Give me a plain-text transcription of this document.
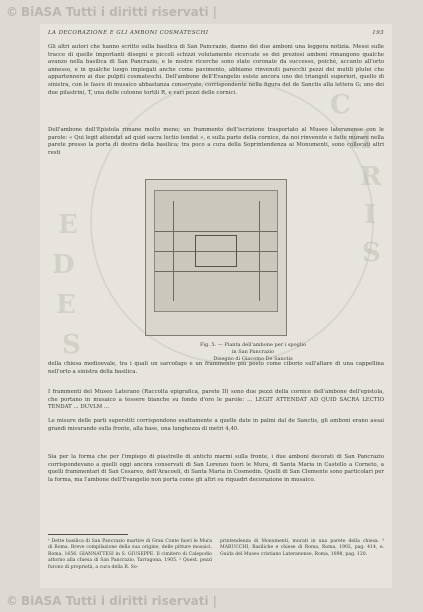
© BiASA Tutti i diritti riservati |
LA DECORAZIONE E GLI AMBONI COSMATESCHI	193
Gli altri autori che hanno scritto sulla basilica di San Pancrazio, danno dei due amboni una leggera notizia. Messi sulle tracce di quelle importanti disegni e piccoli schizzi volutamente ricercate se dei preziosi amboni rimangono qualche avanzo nella basilica di San Pancrazio, e le nostre ricerche sono state coronate da successo, poichè, accanto all'orto annesso, e in qualche luogo impiegati anche come pavimento, abbiamo rinvenuti parecchi pezzi dei mutili plutei che appartennero ai due pulpiti cosmateschi. Dell'ambone dell'Evangelio esiste ancora uno dei triangoli superiori, quello di sinistra, con le fasce di musaico abbastanza conservate, corrispondente nella figura del de Sanctis alla lettera G; uno dei due pilastrini, T, una delle colonne tortili R, e vari pezzi delle cornici.
Dell'ambone dell'Epistola rimane molto meno; un frammento dell'iscrizione trasportato al Museo lateranense con le parole: « Qui legit attendat ad quid sacra lectio tendat », e sulla parte della cornice, da noi rinvenute e fatte murare nella parete presso la porta di destra della basilica; tra poco a cura della Soprintendenza ai Monumenti, sono collocati altri resti
Fig. 5. — Pianta dell'ambone per i spoglio
in San Pancrazio
Disegno di Giacomo De Sanctis
della chiesa medioevale, tra i quali un sarcofago e un frammento più posto come ciborio sull'altare di una cappellina nell'orto a sinistra della basilica.
I frammenti del Museo Laterano (Raccolta epigrafica, parete II) sono due pezzi della cornice dell'ambone dell'epistola, che portano in musaico a tessere bianche su fondo d'oro le parole: ... LEGIT ATTENDAT AD QUID SACRA LECTIO TENDAT ... DUVLM ...
Le misure delle parti superstiti corrispondono esattamente a quelle date in palmi dal de Sanctis, gli amboni erano assai grandi misurando sulla fronte, alla base, una lunghezza di metri 4,40.
Sia per la forma che per l'impiego di piastrelle di antichi marmi sulla fronte, i due amboni decorati di San Pancrazio corrispondevano a quelli oggi ancora conservati di San Lorenzo fuori le Mura, di Santa Maria in Castello a Corneto, a quelli frammentari di San Cesareo, dell'Aracoeli, di Santa Maria in Cosmedin. Quelli di San Clemente sono particolari per la forma, ma l'ambone dell'Evangelio non porta come gli altri su riquadri decorazione in musaico.
¹ Dette basilica di San Pancrazio martire di Gran Conte fuori le Mura di Roma. Breve compilazione della sua origine, delle pitture mosaici. Roma, 1656. GIANNATTESI in S. GIUSEPPE. Il cimitero di Calepodio attorno alla chiesa di San Pancrazio. Tarragona, 1905. ² Quest. pezzi furono di proprietà, a cura della R. So-
printendenza di Monumenti, murati in una parete della chiesa. ³ MARUCCHI, Basiliche e chiese di Roma, Roma, 1902, pag. 414, e. Guida del Museo cristiano Lateranense, Roma, 1898, pag. 120.
E
D
E
S
C
H
R
I
S
© BiASA Tutti i diritti riservati |
